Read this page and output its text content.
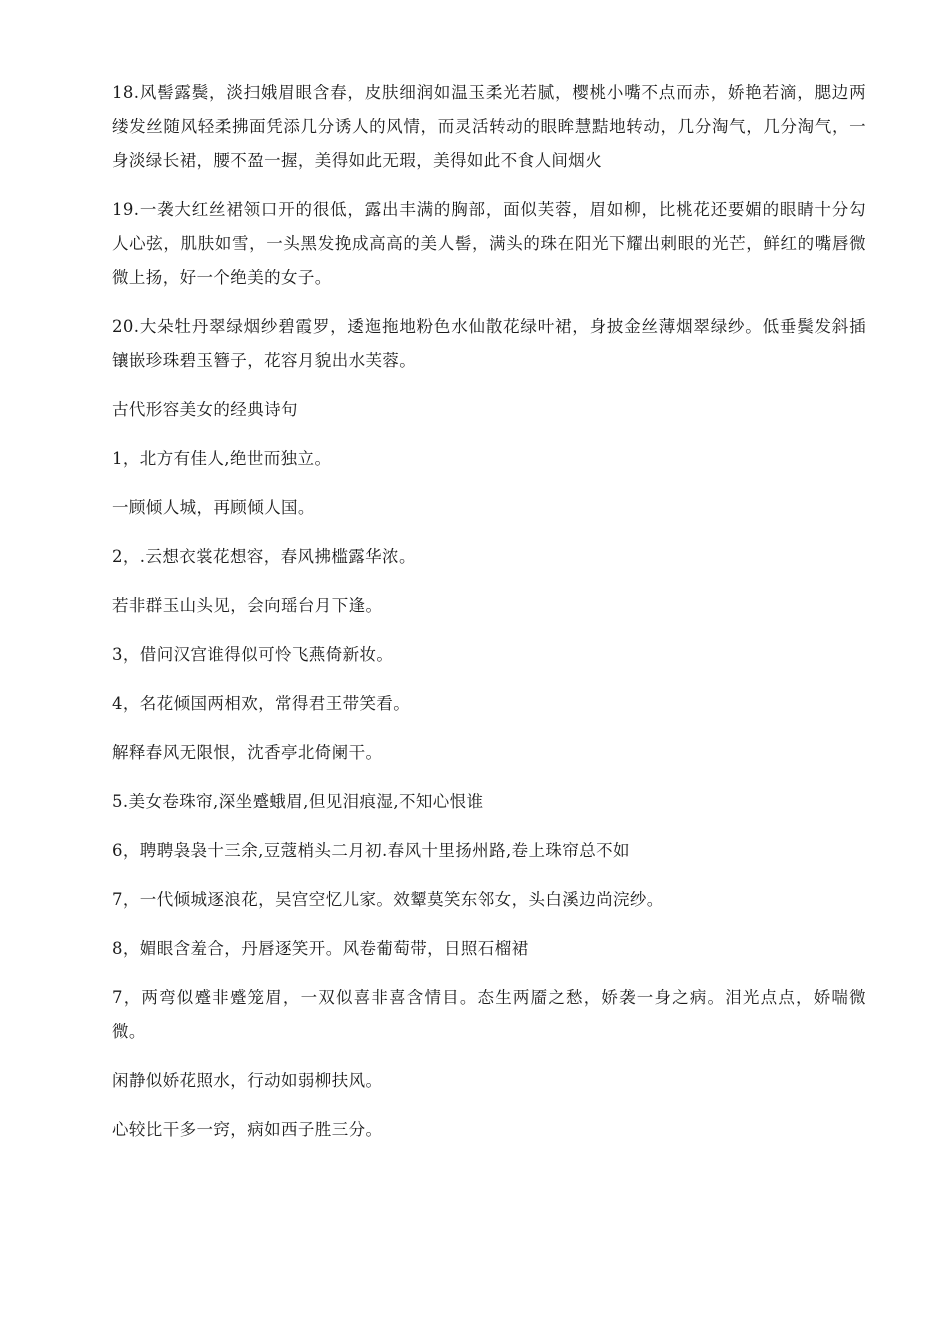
18.风髻露鬓，淡扫娥眉眼含春，皮肤细润如温玉柔光若腻，樱桃小嘴不点而赤，娇艳若滴，腮边两缕发丝随风轻柔拂面凭添几分诱人的风情，而灵活转动的眼眸慧黠地转动，几分淘气，几分淘气，一身淡绿长裙，腰不盈一握，美得如此无瑕，美得如此不食人间烟火

19.一袭大红丝裙领口开的很低，露出丰满的胸部，面似芙蓉，眉如柳，比桃花还要媚的眼睛十分勾人心弦，肌肤如雪，一头黑发挽成高高的美人髻，满头的珠在阳光下耀出刺眼的光芒，鲜红的嘴唇微微上扬，好一个绝美的女子。

20.大朵牡丹翠绿烟纱碧霞罗，逶迤拖地粉色水仙散花绿叶裙，身披金丝薄烟翠绿纱。低垂鬓发斜插镶嵌珍珠碧玉簪子，花容月貌出水芙蓉。

古代形容美女的经典诗句

1，北方有佳人,绝世而独立。

一顾倾人城，再顾倾人国。

2，.云想衣裳花想容，春风拂槛露华浓。

若非群玉山头见，会向瑶台月下逢。

3，借问汉宫谁得似可怜飞燕倚新妆。

4，名花倾国两相欢，常得君王带笑看。

解释春风无限恨，沈香亭北倚阑干。

5.美女卷珠帘,深坐蹙蛾眉,但见泪痕湿,不知心恨谁

6，聘聘袅袅十三余,豆蔻梢头二月初.春风十里扬州路,卷上珠帘总不如

7，一代倾城逐浪花，吴宫空忆儿家。效颦莫笑东邻女，头白溪边尚浣纱。

8，媚眼含羞合，丹唇逐笑开。风卷葡萄带，日照石榴裙

7，两弯似蹙非蹙笼眉，一双似喜非喜含情目。态生两靥之愁，娇袭一身之病。泪光点点，娇喘微微。

闲静似娇花照水，行动如弱柳扶风。

心较比干多一窍，病如西子胜三分。
